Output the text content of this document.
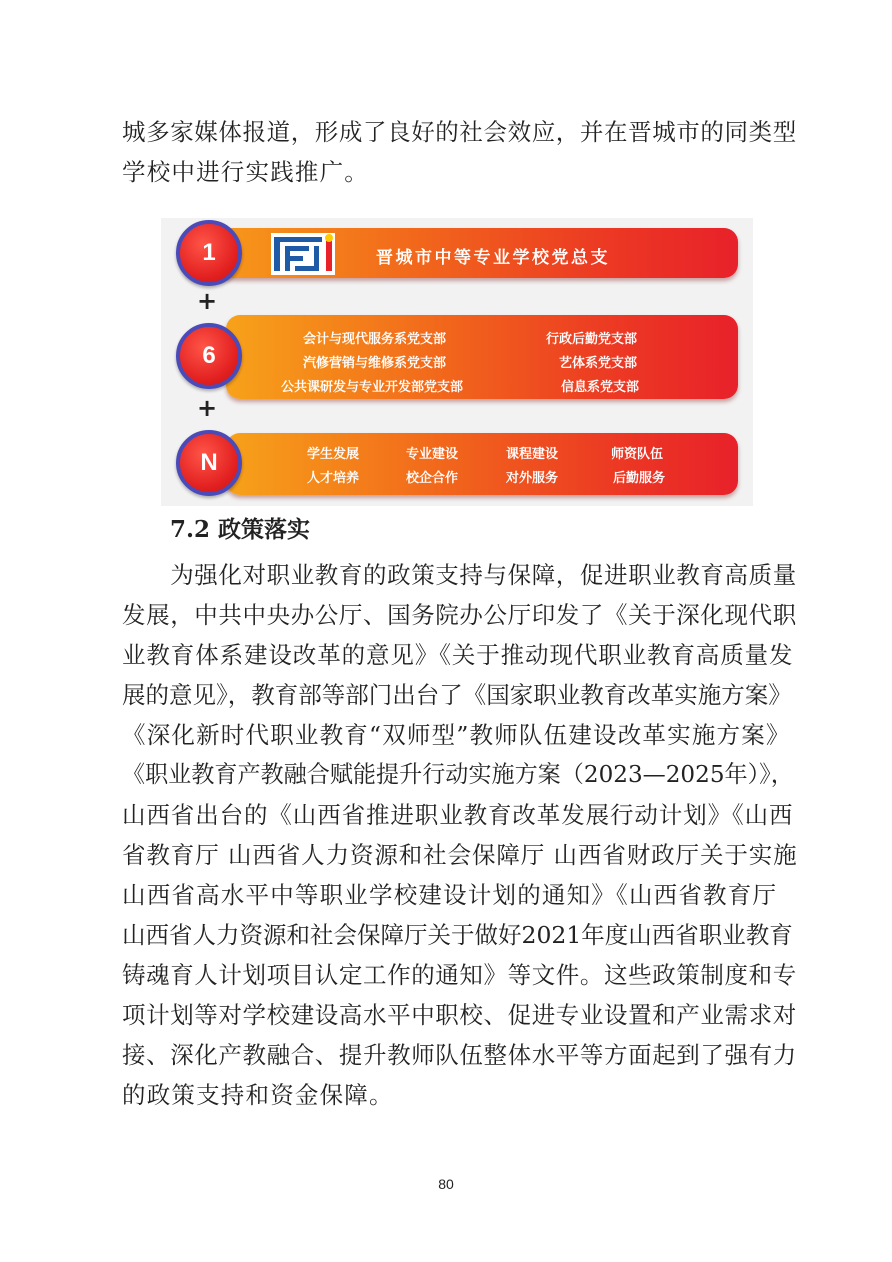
城多家媒体报道，形成了良好的社会效应，并在晋城市的同类型
学校中进行实践推广。
晋城市中等专业学校党总支
1
+
6
+
N
会计与现代服务系党支部	行政后勤党支部
汽修营销与维修系党支部	艺体系党支部
公共课研发与专业开发部党支部	信息系党支部
学生发展	专业建设	课程建设	师资队伍
人才培养	校企合作	对外服务	后勤服务
7.2 政策落实
　　为强化对职业教育的政策支持与保障，促进职业教育高质量
发展，中共中央办公厅、国务院办公厅印发了《关于深化现代职
业教育体系建设改革的意见》《关于推动现代职业教育高质量发
展的意见》，教育部等部门出台了《国家职业教育改革实施方案》
《深化新时代职业教育“双师型”教师队伍建设改革实施方案》
《职业教育产教融合赋能提升行动实施方案（2023—2025年）》，
山西省出台的《山西省推进职业教育改革发展行动计划》《山西
省教育厅 山西省人力资源和社会保障厅 山西省财政厅关于实施
山西省高水平中等职业学校建设计划的通知》《山西省教育厅
山西省人力资源和社会保障厅关于做好2021年度山西省职业教育
铸魂育人计划项目认定工作的通知》等文件。这些政策制度和专
项计划等对学校建设高水平中职校、促进专业设置和产业需求对
接、深化产教融合、提升教师队伍整体水平等方面起到了强有力
的政策支持和资金保障。
80
